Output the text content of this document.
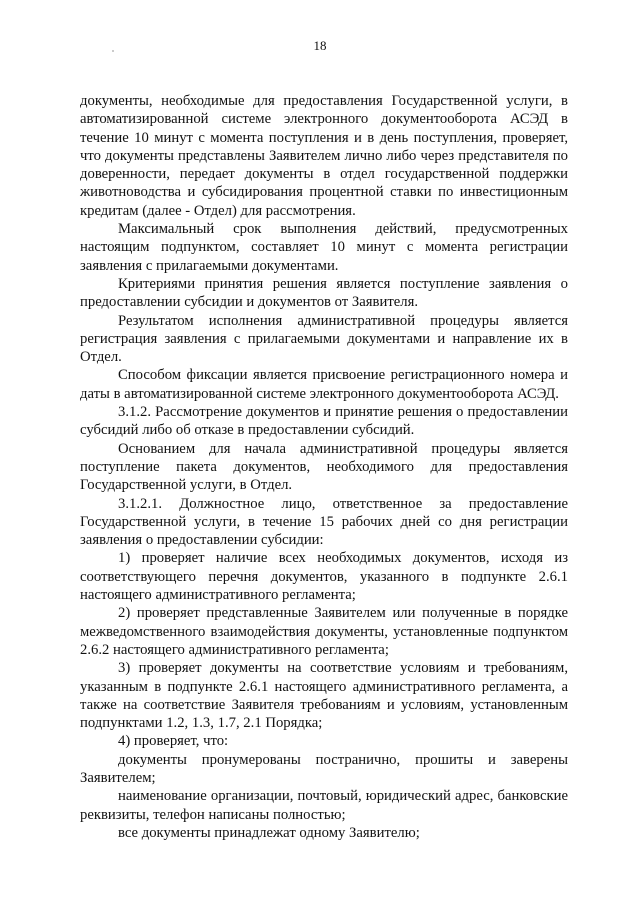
18

документы, необходимые для предоставления Государственной услуги, в автоматизированной системе электронного документооборота АСЭД в течение 10 минут с момента поступления и в день поступления, проверяет, что документы представлены Заявителем лично либо через представителя по доверенности, передает документы в отдел государственной поддержки животноводства и субсидирования процентной ставки по инвестиционным кредитам (далее - Отдел) для рассмотрения.

Максимальный срок выполнения действий, предусмотренных настоящим подпунктом, составляет 10 минут с момента регистрации заявления с прилагаемыми документами.

Критериями принятия решения является поступление заявления о предоставлении субсидии и документов от Заявителя.

Результатом исполнения административной процедуры является регистрация заявления с прилагаемыми документами и направление их в Отдел.

Способом фиксации является присвоение регистрационного номера и даты в автоматизированной системе электронного документооборота АСЭД.

3.1.2. Рассмотрение документов и принятие решения о предоставлении субсидий либо об отказе в предоставлении субсидий.

Основанием для начала административной процедуры является поступление пакета документов, необходимого для предоставления Государственной услуги, в Отдел.

3.1.2.1. Должностное лицо, ответственное за предоставление Государственной услуги, в течение 15 рабочих дней со дня регистрации заявления о предоставлении субсидии:

1) проверяет наличие всех необходимых документов, исходя из соответствующего перечня документов, указанного в подпункте 2.6.1 настоящего административного регламента;

2) проверяет представленные Заявителем или полученные в порядке межведомственного взаимодействия документы, установленные подпунктом 2.6.2 настоящего административного регламента;

3) проверяет документы на соответствие условиям и требованиям, указанным в подпункте 2.6.1 настоящего административного регламента, а также на соответствие Заявителя требованиям и условиям, установленным подпунктами 1.2, 1.3, 1.7, 2.1 Порядка;

4) проверяет, что:

документы пронумерованы постранично, прошиты и заверены Заявителем;

наименование организации, почтовый, юридический адрес, банковские реквизиты, телефон написаны полностью;

все документы принадлежат одному Заявителю;
